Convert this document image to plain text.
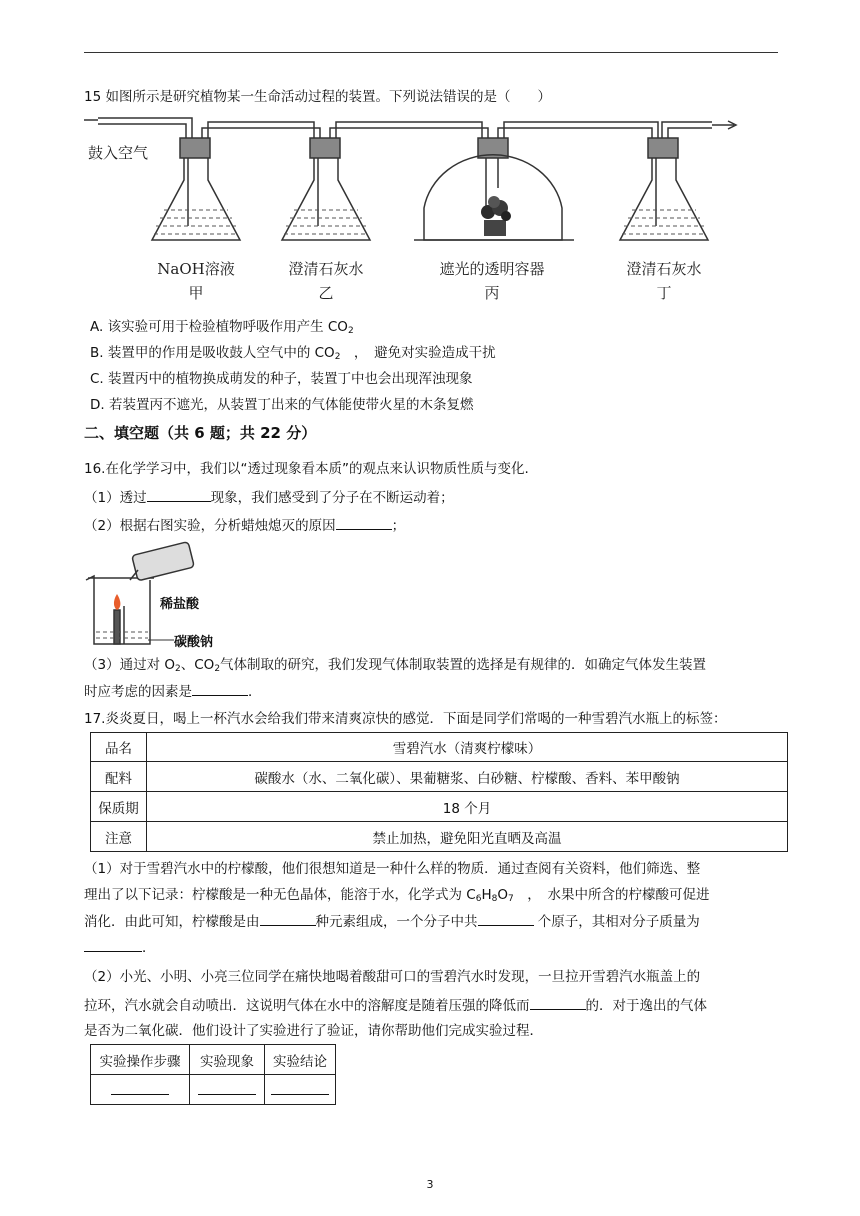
15 如图所示是研究植物某一生命活动过程的装置。下列说法错误的是（　　）
鼓入空气
NaOH溶液
甲
澄清石灰水
乙
遮光的透明容器
丙
澄清石灰水
丁
A. 该实验可用于检验植物呼吸作用产生 $CO_2$
B. 装置甲的作用是吸收鼓人空气中的 $CO_2$　，　避免对实验造成干扰
C. 装置丙中的植物换成萌发的种子，装置丁中也会出现浑浊现象
D. 若装置丙不遮光，从装置丁出来的气体能使带火星的木条复燃
二、填空题（共 6 题；共 22 分）
16.在化学学习中，我们以“透过现象看本质”的观点来认识物质性质与变化.
（1）透过	现象，我们感受到了分子在不断运动着；
（2）根据右图实验，分析蜡烛熄灭的原因	；
稀盐酸
碳酸钠
（3）通过对 $O_2$、$CO_2$气体制取的研究，我们发现气体制取装置的选择是有规律的．如确定气体发生装置
时应考虑的因素是	．
17.炎炎夏日，喝上一杯汽水会给我们带来清爽凉快的感觉．下面是同学们常喝的一种雪碧汽水瓶上的标签：
品名	雪碧汽水（清爽柠檬味）
配料	碳酸水（水、二氧化碳）、果葡糖浆、白砂糖、柠檬酸、香料、苯甲酸钠
保质期	18 个月
注意	禁止加热，避免阳光直晒及高温
（1）对于雪碧汽水中的柠檬酸，他们很想知道是一种什么样的物质．通过查阅有关资料，他们筛选、整
理出了以下记录：柠檬酸是一种无色晶体，能溶于水，化学式为 $C_6H_8O_7$　，　水果中所含的柠檬酸可促进
消化．由此可知，柠檬酸是由	种元素组成，一个分子中共	个原子，其相对分子质量为
．
（2）小光、小明、小亮三位同学在痛快地喝着酸甜可口的雪碧汽水时发现，一旦拉开雪碧汽水瓶盖上的
拉环，汽水就会自动喷出．这说明气体在水中的溶解度是随着压强的降低而	的．对于逸出的气体
是否为二氧化碳．他们设计了实验进行了验证，请你帮助他们完成实验过程．
实验操作步骤	实验现象	实验结论

3
